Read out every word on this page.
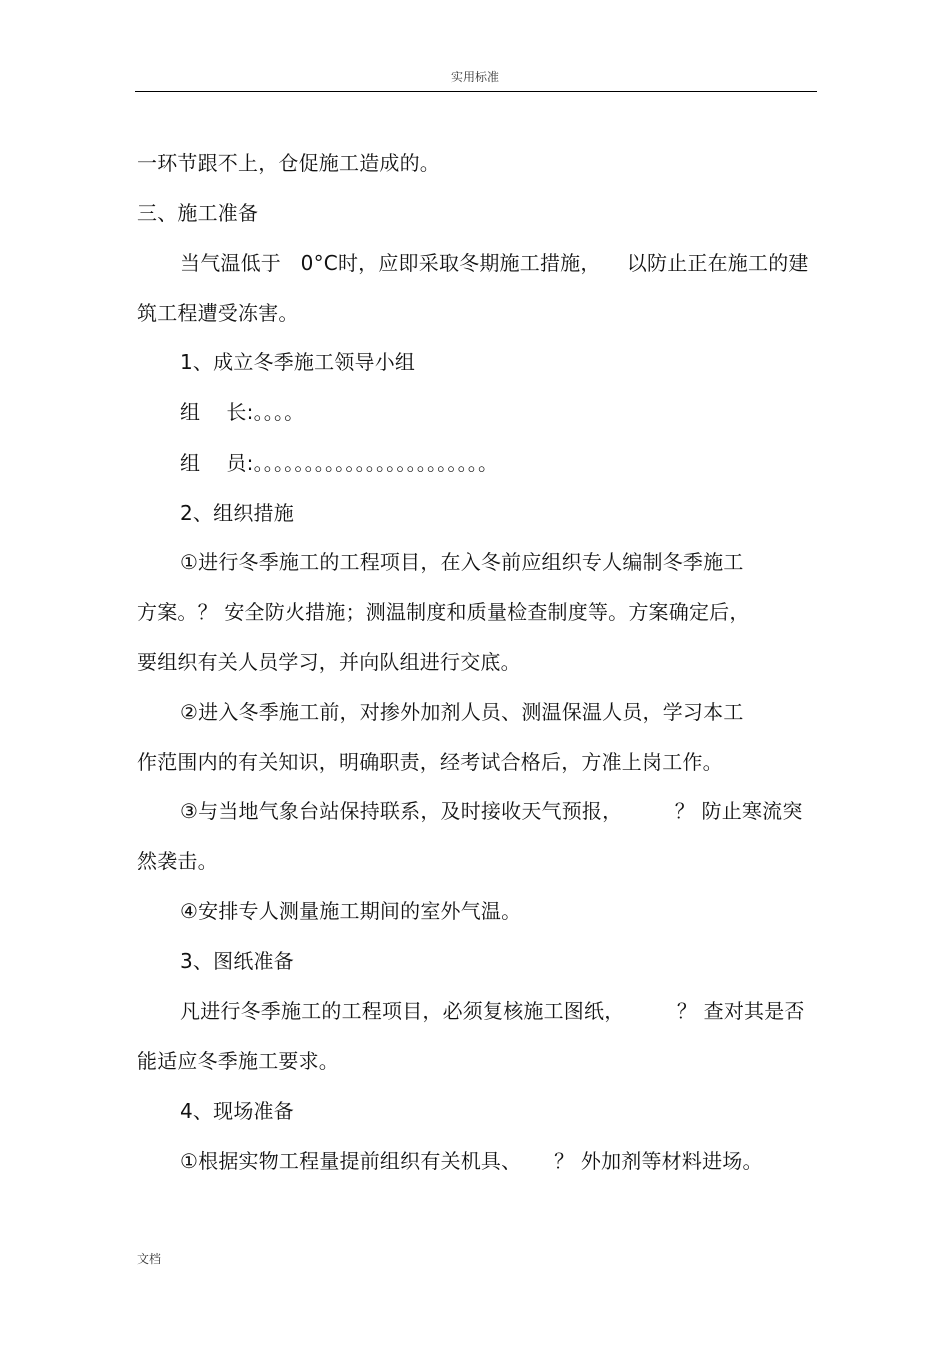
实用标准
一环节跟不上，仓促施工造成的。
三、施工准备
当气温低于   0°C时，应即采取冬期施工措施，    以防止正在施工的建
筑工程遭受冻害。
1、成立冬季施工领导小组
组    长:。。。。
组    员:。。。。。。。。。。。。。。。。。。。。。。。
2、组织措施
①进行冬季施工的工程项目，在入冬前应组织专人编制冬季施工
方案。？ 安全防火措施；测温制度和质量检查制度等。方案确定后，
要组织有关人员学习，并向队组进行交底。
②进入冬季施工前，对掺外加剂人员、测温保温人员，学习本工
作范围内的有关知识，明确职责，经考试合格后，方准上岗工作。
③与当地气象台站保持联系，及时接收天气预报，        ？ 防止寒流突
然袭击。
④安排专人测量施工期间的室外气温。
3、图纸准备
凡进行冬季施工的工程项目，必须复核施工图纸，        ？ 查对其是否
能适应冬季施工要求。
4、现场准备
①根据实物工程量提前组织有关机具、     ？ 外加剂等材料进场。
文档
